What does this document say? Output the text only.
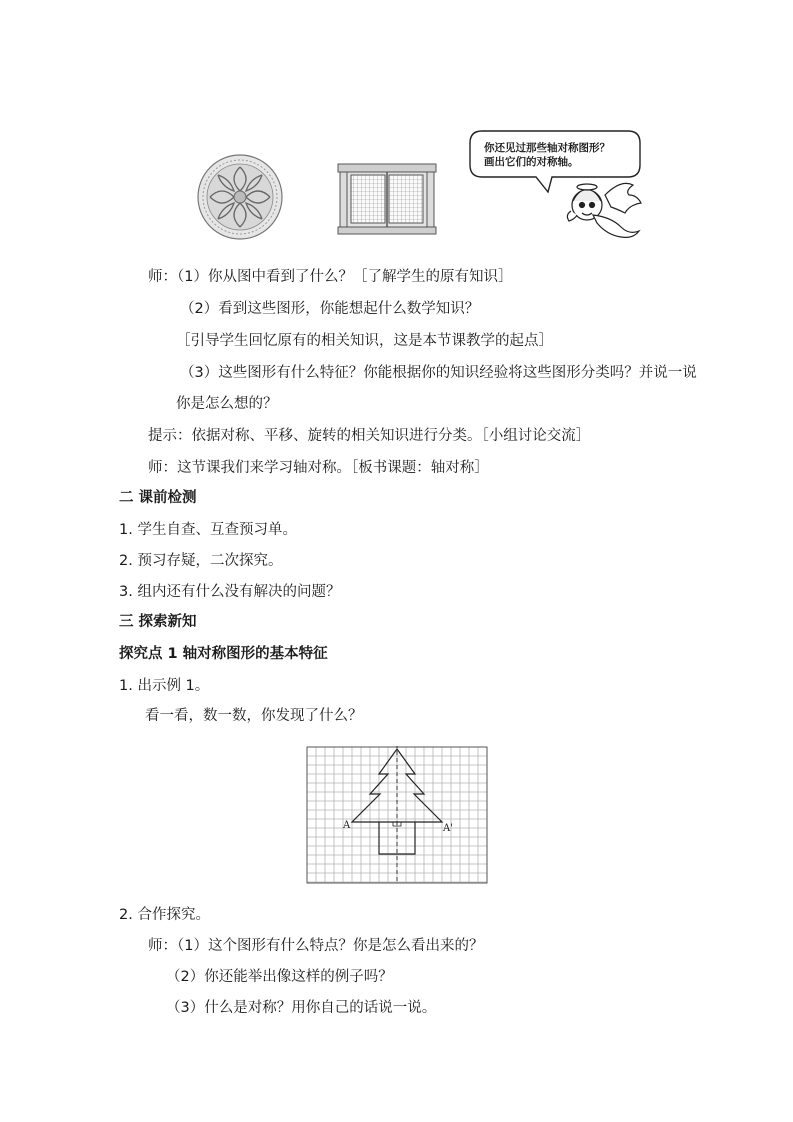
你还见过那些轴对称图形？
画出它们的对称轴。
师：（1）你从图中看到了什么？［了解学生的原有知识］
（2）看到这些图形，你能想起什么数学知识？
［引导学生回忆原有的相关知识，这是本节课教学的起点］
（3）这些图形有什么特征？你能根据你的知识经验将这些图形分类吗？并说一说
你是怎么想的？
提示：依据对称、平移、旋转的相关知识进行分类。［小组讨论交流］
师：这节课我们来学习轴对称。［板书课题：轴对称］
二 课前检测
1. 学生自查、互查预习单。
2. 预习存疑，二次探究。
3. 组内还有什么没有解决的问题？
三 探索新知
探究点 1 轴对称图形的基本特征
1. 出示例 1。
看一看，数一数，你发现了什么？
A	A'
2. 合作探究。
师：（1）这个图形有什么特点？你是怎么看出来的？
（2）你还能举出像这样的例子吗？
（3）什么是对称？用你自己的话说一说。
